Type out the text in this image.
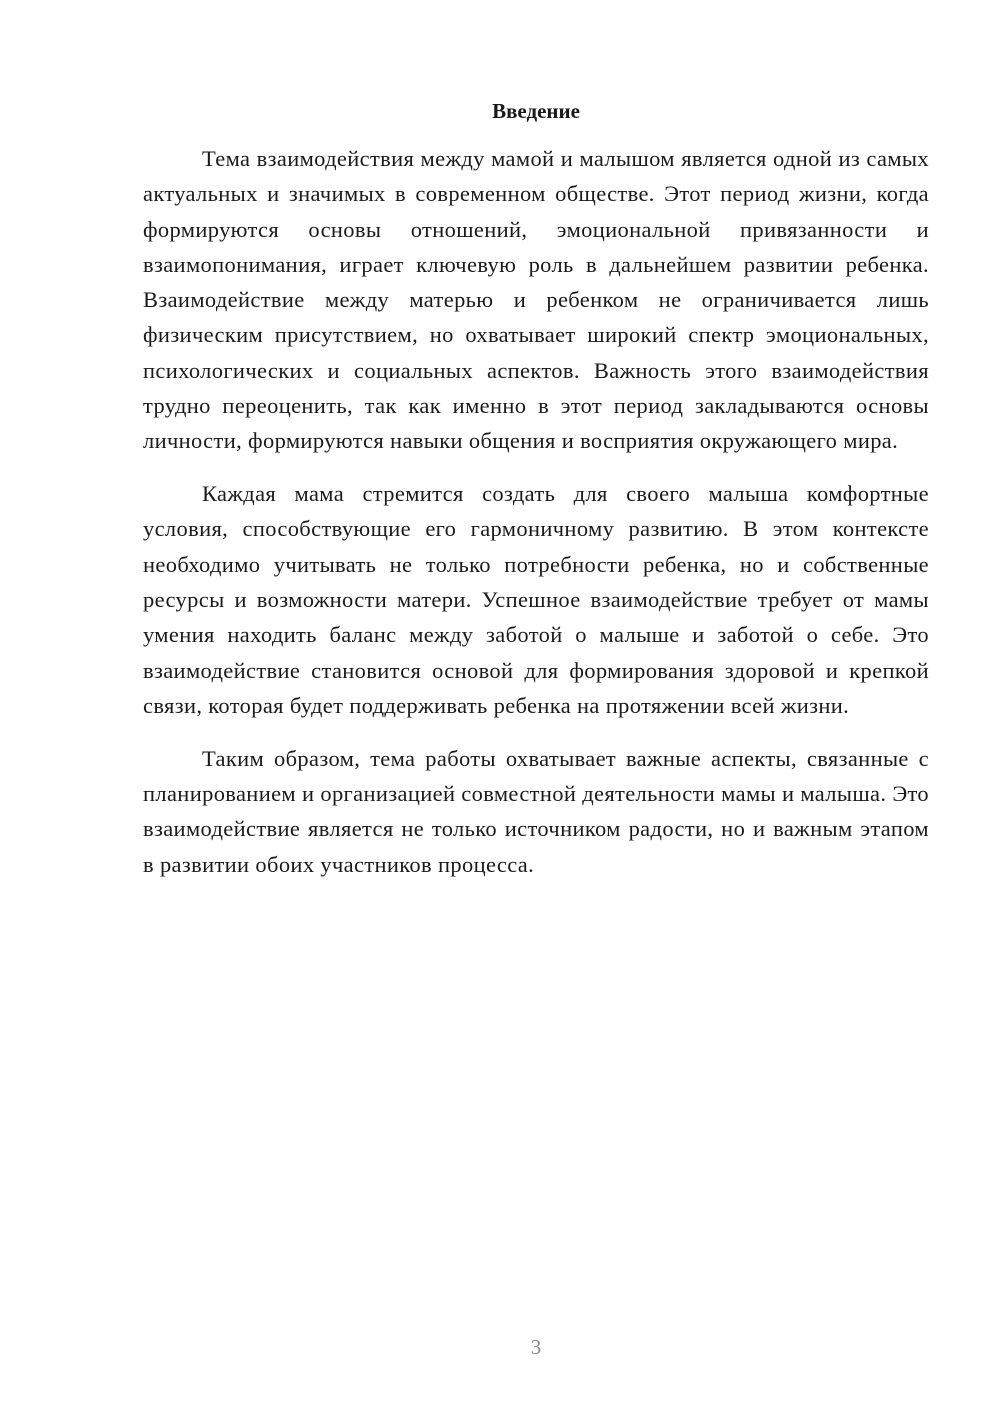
Введение

Тема взаимодействия между мамой и малышом является одной из самых актуальных и значимых в современном обществе. Этот период жизни, когда формируются основы отношений, эмоциональной привязанности и взаимопонимания, играет ключевую роль в дальнейшем развитии ребенка. Взаимодействие между матерью и ребенком не ограничивается лишь физическим присутствием, но охватывает широкий спектр эмоциональных, психологических и социальных аспектов. Важность этого взаимодействия трудно переоценить, так как именно в этот период закладываются основы личности, формируются навыки общения и восприятия окружающего мира.

Каждая мама стремится создать для своего малыша комфортные условия, способствующие его гармоничному развитию. В этом контексте необходимо учитывать не только потребности ребенка, но и собственные ресурсы и возможности матери. Успешное взаимодействие требует от мамы умения находить баланс между заботой о малыше и заботой о себе. Это взаимодействие становится основой для формирования здоровой и крепкой связи, которая будет поддерживать ребенка на протяжении всей жизни.

Таким образом, тема работы охватывает важные аспекты, связанные с планированием и организацией совместной деятельности мамы и малыша. Это взаимодействие является не только источником радости, но и важным этапом в развитии обоих участников процесса.

3
